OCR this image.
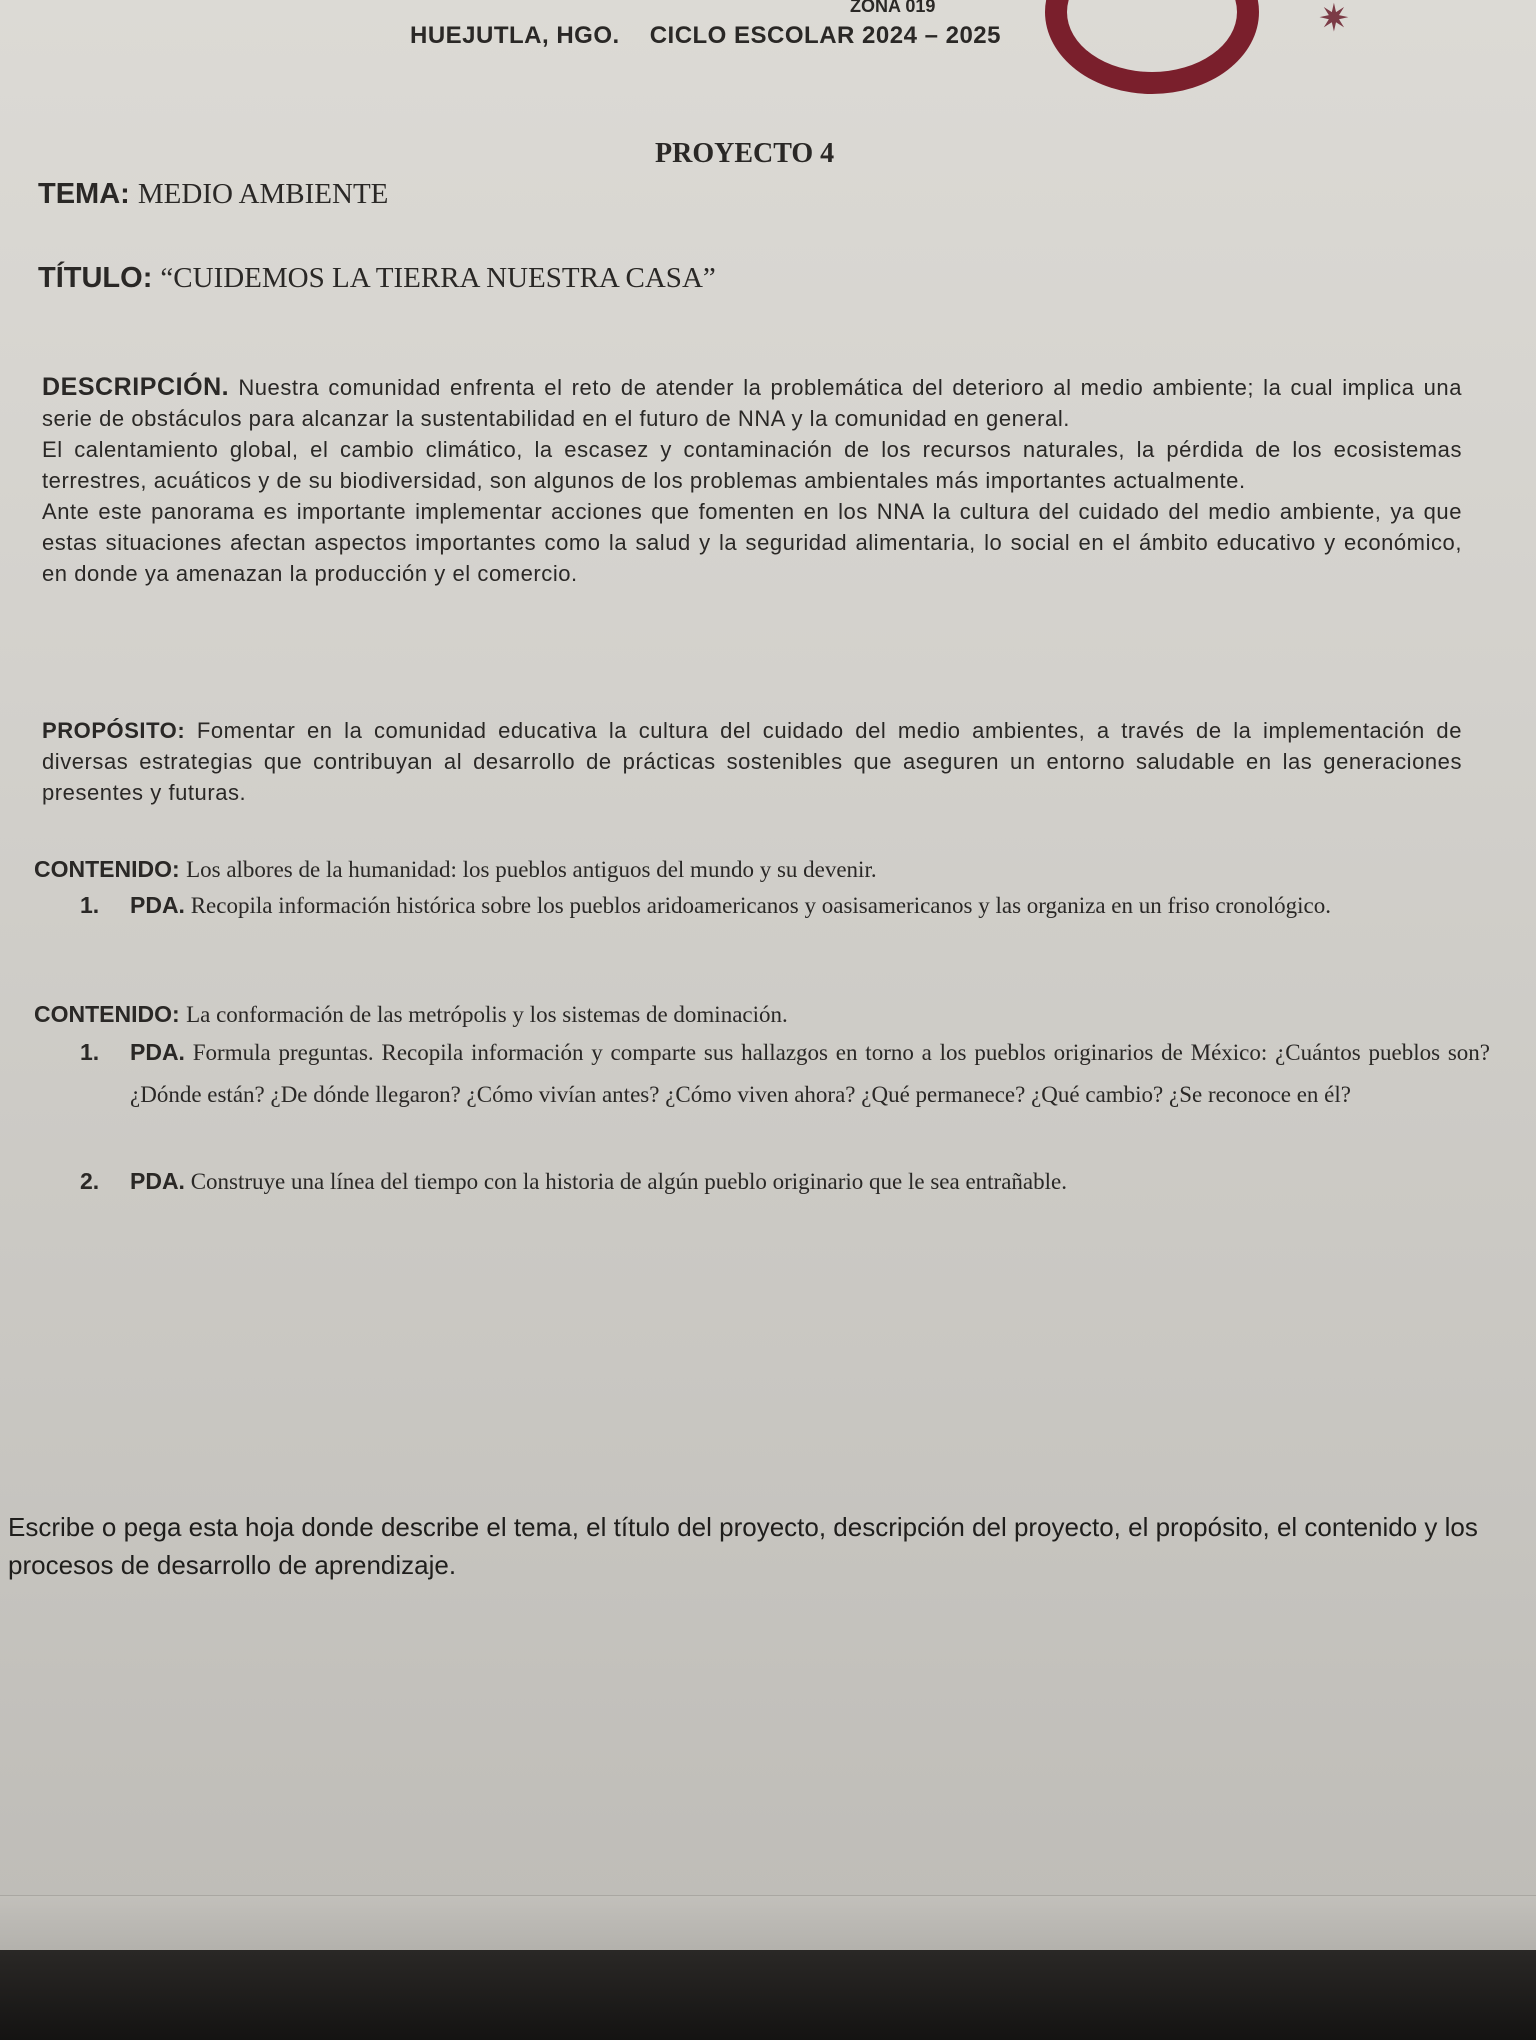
✷
ZONA 019
HUEJUTLA, HGO. CICLO ESCOLAR 2024 – 2025
PROYECTO 4
TEMA: MEDIO AMBIENTE
TÍTULO: “CUIDEMOS LA TIERRA NUESTRA CASA”

DESCRIPCIÓN. Nuestra comunidad enfrenta el reto de atender la problemática del deterioro al medio ambiente; la cual implica una serie de obstáculos para alcanzar la sustentabilidad en el futuro de NNA y la comunidad en general.

El calentamiento global, el cambio climático, la escasez y contaminación de los recursos naturales, la pérdida de los ecosistemas terrestres, acuáticos y de su biodiversidad, son algunos de los problemas ambientales más importantes actualmente.

Ante este panorama es importante implementar acciones que fomenten en los NNA la cultura del cuidado del medio ambiente, ya que estas situaciones afectan aspectos importantes como la salud y la seguridad alimentaria, lo social en el ámbito educativo y económico, en donde ya amenazan la producción y el comercio.

PROPÓSITO: Fomentar en la comunidad educativa la cultura del cuidado del medio ambientes, a través de la implementación de diversas estrategias que contribuyan al desarrollo de prácticas sostenibles que aseguren un entorno saludable en las generaciones presentes y futuras.

CONTENIDO: Los albores de la humanidad: los pueblos antiguos del mundo y su devenir.
1. PDA. Recopila información histórica sobre los pueblos aridoamericanos y oasisamericanos y las organiza en un friso cronológico.
CONTENIDO: La conformación de las metrópolis y los sistemas de dominación.
1. PDA. Formula preguntas. Recopila información y comparte sus hallazgos en torno a los pueblos originarios de México: ¿Cuántos pueblos son? ¿Dónde están? ¿De dónde llegaron? ¿Cómo vivían antes? ¿Cómo viven ahora? ¿Qué permanece? ¿Qué cambio? ¿Se reconoce en él?
2. PDA. Construye una línea del tiempo con la historia de algún pueblo originario que le sea entrañable.
Escribe o pega esta hoja donde describe el tema, el título del proyecto, descripción del proyecto, el propósito, el contenido y los procesos de desarrollo de aprendizaje.
